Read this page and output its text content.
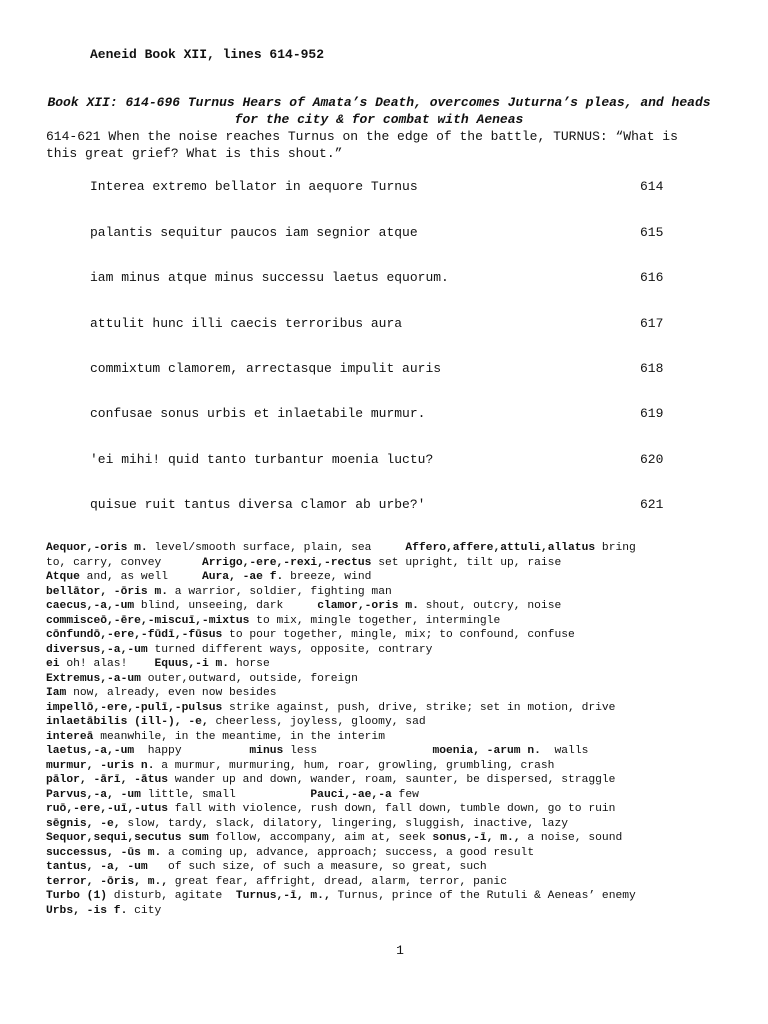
Aeneid Book XII, lines 614-952
Book XII: 614-696 Turnus Hears of Amata’s Death, overcomes Juturna’s pleas, and heads for the city & for combat with Aeneas
614-621 When the noise reaches Turnus on the edge of the battle, TURNUS: “What is this great grief? What is this shout.”
Interea extremo bellator in aequore Turnus	614
palantis sequitur paucos iam segnior atque	615
iam minus atque minus successu laetus equorum.	616
attulit hunc illi caecis terroribus aura	617
commixtum clamorem, arrectasque impulit auris	618
confusae sonus urbis et inlaetabile murmur.	619
'ei mihi! quid tanto turbantur moenia luctu?	620
quisue ruit tantus diversa clamor ab urbe?'	621
Aequor,-oris m. level/smooth surface, plain, sea     Affero,affere,attuli,allatus bring
to, carry, convey      Arrigo,-ere,-rexi,-rectus set upright, tilt up, raise
Atque and, as well     Aura, -ae f. breeze, wind
bellātor, -ōris m. a warrior, soldier, fighting man
caecus,-a,-um blind, unseeing, dark     clamor,-oris m. shout, outcry, noise
commisceō,-ēre,-miscuī,-mixtus to mix, mingle together, intermingle
cōnfundō,-ere,-fūdī,-fūsus to pour together, mingle, mix; to confound, confuse
diversus,-a,-um turned different ways, opposite, contrary
ei oh! alas!    Equus,-i m. horse
Extremus,-a-um outer,outward, outside, foreign
Iam now, already, even now besides
impellō,-ere,-pulī,-pulsus strike against, push, drive, strike; set in motion, drive
inlaetābilis (ill-), -e, cheerless, joyless, gloomy, sad
intereā meanwhile, in the meantime, in the interim
laetus,-a,-um  happy          minus less                 moenia, -arum n.  walls
murmur, -uris n. a murmur, murmuring, hum, roar, growling, grumbling, crash
pālor, -ārī, -ātus wander up and down, wander, roam, saunter, be dispersed, straggle
Parvus,-a, -um little, small           Pauci,-ae,-a few
ruō,-ere,-uī,-utus fall with violence, rush down, fall down, tumble down, go to ruin
sēgnis, -e, slow, tardy, slack, dilatory, lingering, sluggish, inactive, lazy
Sequor,sequi,secutus sum follow, accompany, aim at, seek sonus,-ī, m., a noise, sound
successus, -ūs m. a coming up, advance, approach; success, a good result
tantus, -a, -um   of such size, of such a measure, so great, such
terror, -ōris, m., great fear, affright, dread, alarm, terror, panic
Turbo (1) disturb, agitate  Turnus,-ī, m., Turnus, prince of the Rutuli & Aeneas’ enemy
Urbs, -is f. city
1
